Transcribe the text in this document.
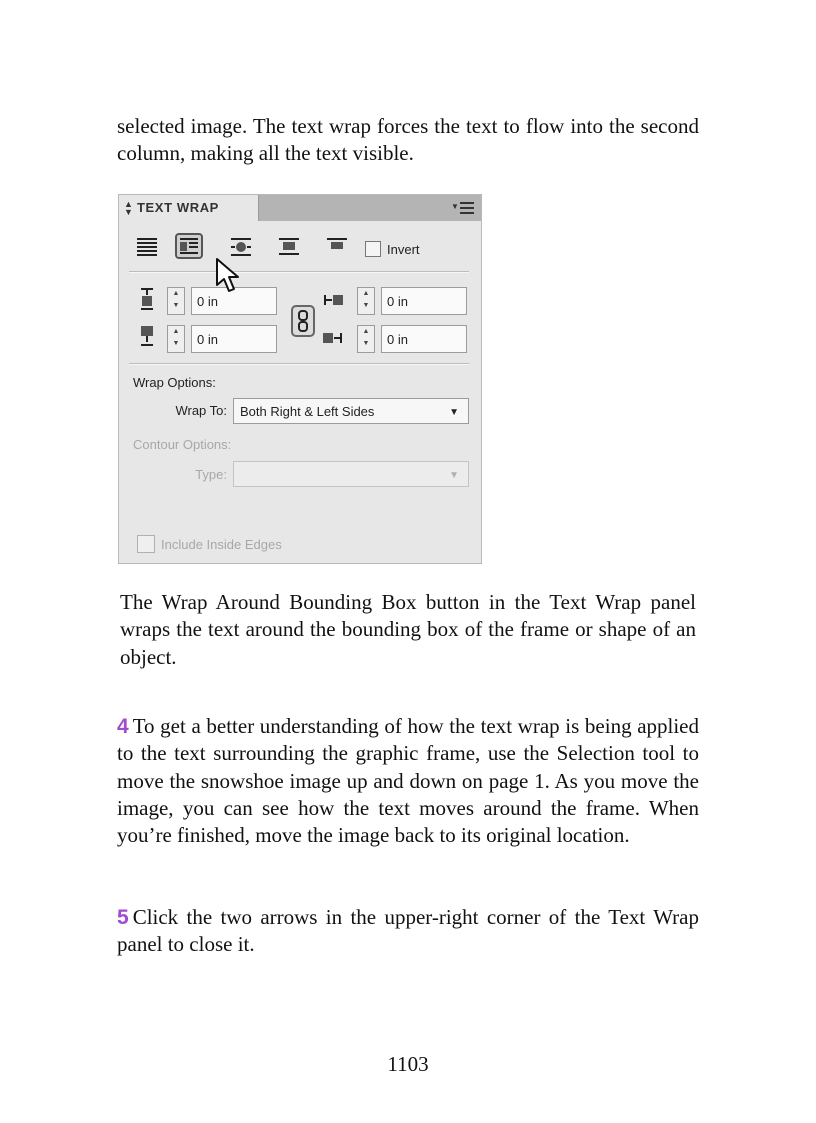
selected image. The text wrap forces the text to flow into the second column, making all the text visible.

▲
▼ TEXT WRAP	▼
Invert
▲
▼	0 in
▲
▼	0 in
▲
▼	0 in
▲
▼	0 in
Wrap Options:
Wrap To:	Both Right & Left Sides	▼
Contour Options:
Type:	▼
Include Inside Edges

The Wrap Around Bounding Box button in the Text Wrap panel wraps the text around the bounding box of the frame or shape of an object.

4 To get a better understanding of how the text wrap is being applied to the text surrounding the graphic frame, use the Selection tool to move the snowshoe image up and down on page 1. As you move the image, you can see how the text moves around the frame. When you’re finished, move the image back to its original location.

5 Click the two arrows in the upper-right corner of the Text Wrap panel to close it.

1103
